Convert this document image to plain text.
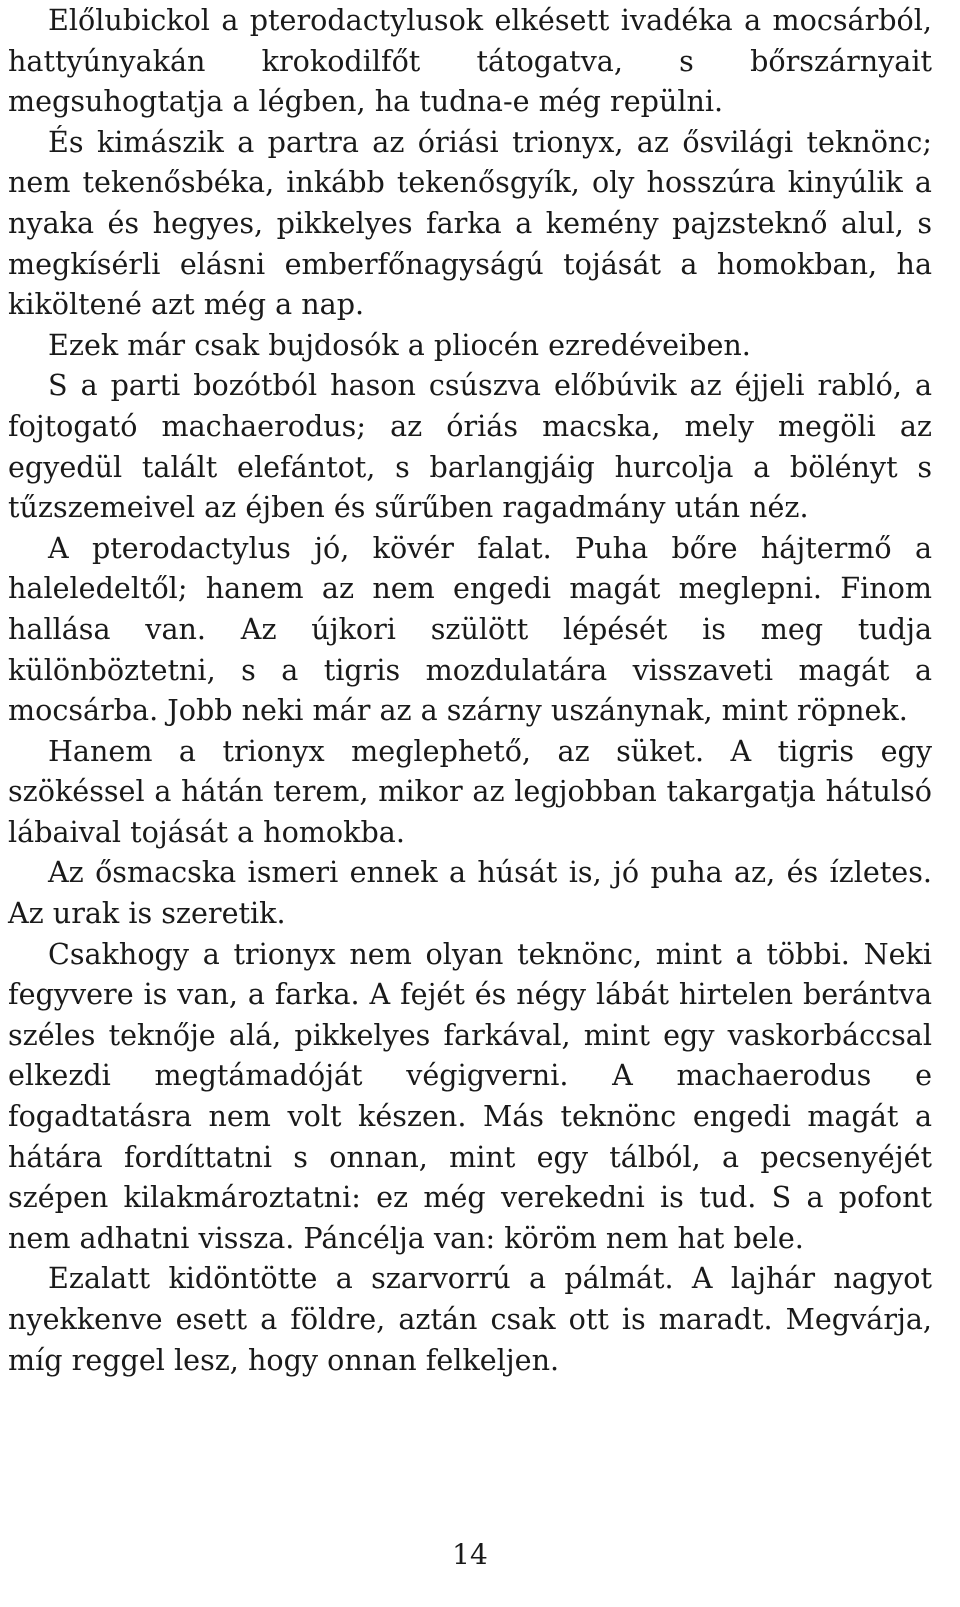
Előlubickol a pterodactylusok elkésett ivadéka a mocsárból, hattyúnyakán krokodilfőt tátogatva, s bőrszárnyait megsuhogtatja a légben, ha tudna-e még repülni.

És kimászik a partra az óriási trionyx, az ősvilági teknönc; nem tekenősbéka, inkább tekenősgyík, oly hosszúra kinyúlik a nyaka és hegyes, pikkelyes farka a kemény pajzsteknő alul, s megkísérli elásni emberfőnagyságú tojását a homokban, ha kiköltené azt még a nap.

Ezek már csak bujdosók a pliocén ezredéveiben.

S a parti bozótból hason csúszva előbúvik az éjjeli rabló, a fojtogató machaerodus; az óriás macska, mely megöli az egyedül talált elefántot, s barlangjáig hurcolja a bölényt s tűzszemeivel az éjben és sűrűben ragadmány után néz.

A pterodactylus jó, kövér falat. Puha bőre hájtermő a haleledeltől; hanem az nem engedi magát meglepni. Finom hallása van. Az újkori szülött lépését is meg tudja különböztetni, s a tigris mozdulatára visszaveti magát a mocsárba. Jobb neki már az a szárny uszánynak, mint röpnek.

Hanem a trionyx meglephető, az süket. A tigris egy szökéssel a hátán terem, mikor az legjobban takargatja hátulsó lábaival tojását a homokba.

Az ősmacska ismeri ennek a húsát is, jó puha az, és ízletes. Az urak is szeretik.

Csakhogy a trionyx nem olyan teknönc, mint a többi. Neki fegyvere is van, a farka. A fejét és négy lábát hirtelen berántva széles teknője alá, pikkelyes farkával, mint egy vaskorbáccsal elkezdi megtámadóját végigverni. A machaerodus e fogadtatásra nem volt készen. Más teknönc engedi magát a hátára fordíttatni s onnan, mint egy tálból, a pecsenyéjét szépen kilakmároztatni: ez még verekedni is tud. S a pofont nem adhatni vissza. Páncélja van: köröm nem hat bele.

Ezalatt kidöntötte a szarvorrú a pálmát. A lajhár nagyot nyekkenve esett a földre, aztán csak ott is maradt. Megvárja, míg reggel lesz, hogy onnan felkeljen.

14
